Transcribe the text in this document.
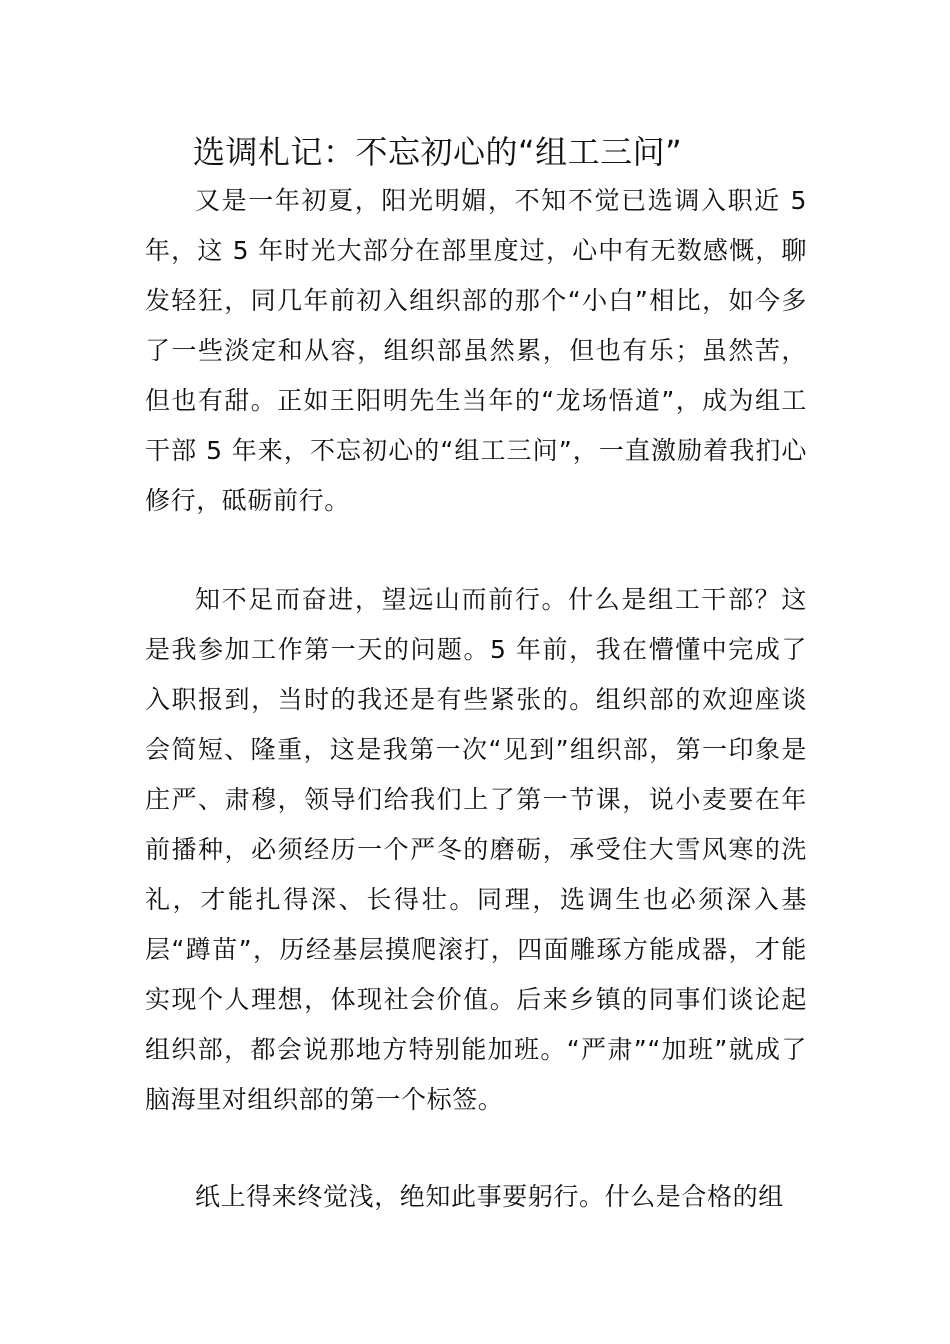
选调札记：不忘初心的“组工三问”

又是一年初夏，阳光明媚，不知不觉已选调入职近 5 年，这 5 年时光大部分在部里度过，心中有无数感慨，聊发轻狂，同几年前初入组织部的那个“小白”相比，如今多了一些淡定和从容，组织部虽然累，但也有乐；虽然苦，但也有甜。正如王阳明先生当年的“龙场悟道”，成为组工干部 5 年来，不忘初心的“组工三问”，一直激励着我扪心修行，砥砺前行。

知不足而奋进，望远山而前行。什么是组工干部？这是我参加工作第一天的问题。5 年前，我在懵懂中完成了入职报到，当时的我还是有些紧张的。组织部的欢迎座谈会简短、隆重，这是我第一次“见到”组织部，第一印象是庄严、肃穆，领导们给我们上了第一节课，说小麦要在年前播种，必须经历一个严冬的磨砺，承受住大雪风寒的洗礼，才能扎得深、长得壮。同理，选调生也必须深入基层“蹲苗”，历经基层摸爬滚打，四面雕琢方能成器，才能实现个人理想，体现社会价值。后来乡镇的同事们谈论起组织部，都会说那地方特别能加班。“严肃”“加班”就成了脑海里对组织部的第一个标签。

纸上得来终觉浅，绝知此事要躬行。什么是合格的组
